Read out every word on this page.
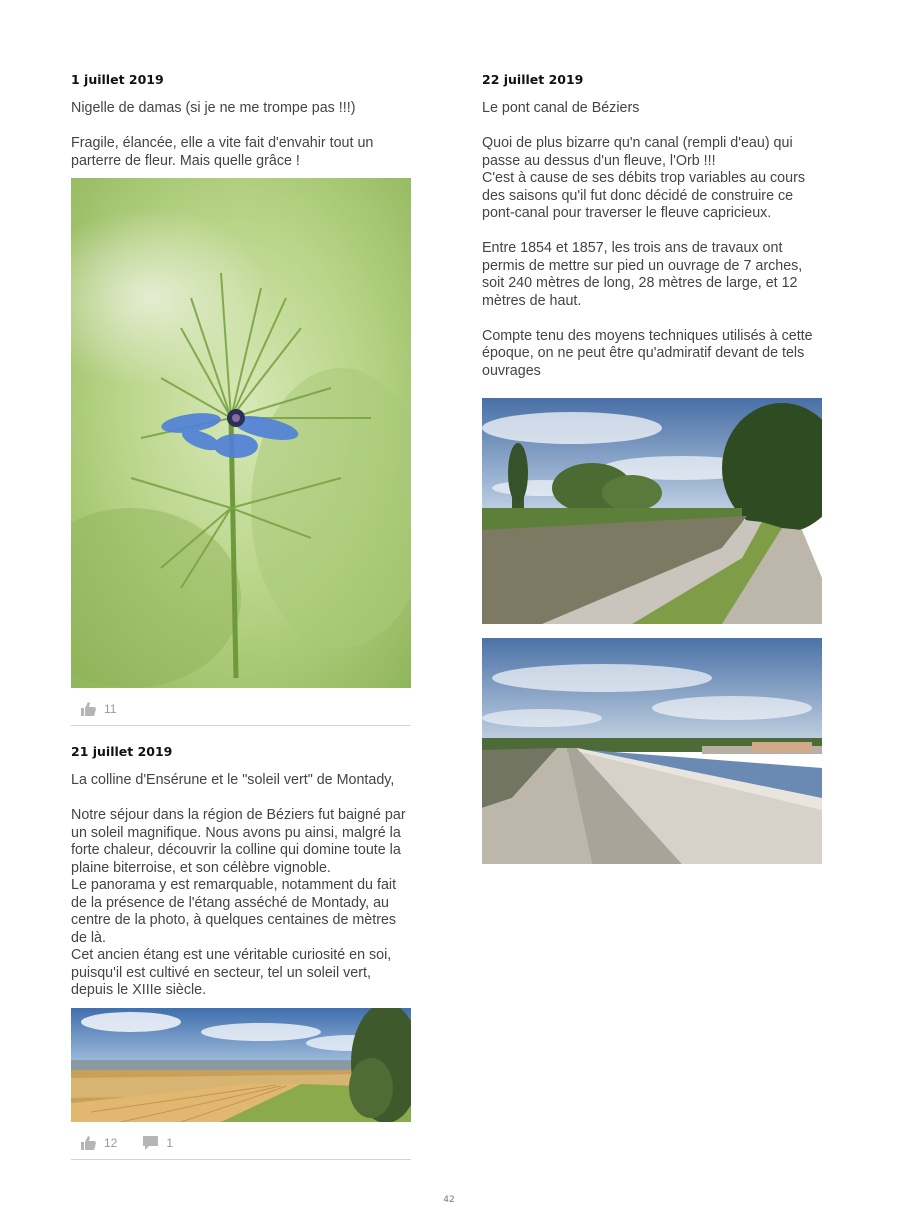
1 juillet 2019
Nigelle de damas (si je ne me trompe pas !!!)

Fragile, élancée, elle a vite fait d'envahir tout un parterre de fleur. Mais quelle grâce !
11
21 juillet 2019
La colline d'Ensérune et le "soleil vert" de Montady,

Notre séjour dans la région de Béziers fut baigné par un soleil magnifique. Nous avons pu ainsi, malgré la forte chaleur, découvrir la colline qui domine toute la plaine biterroise, et son célèbre vignoble.
Le panorama y est remarquable, notamment du fait de la présence de l'étang asséché de Montady, au centre de la photo, à quelques centaines de mètres de là.
Cet ancien étang est une véritable curiosité en soi, puisqu'il est cultivé en secteur, tel un soleil vert, depuis le XIIIe siècle.
12	1
22 juillet 2019
Le pont canal de Béziers

Quoi de plus bizarre qu'n canal (rempli d'eau) qui passe au dessus d'un fleuve, l'Orb !!!
C'est à cause de ses débits trop variables au cours des saisons qu'il fut donc décidé de construire ce pont-canal pour traverser le fleuve capricieux.

Entre 1854 et 1857, les trois ans de travaux ont permis de mettre sur pied un ouvrage de 7 arches, soit 240 mètres de long, 28 mètres de large, et 12 mètres de haut.

Compte tenu des moyens techniques utilisés à cette époque, on ne peut être qu'admiratif devant de tels ouvrages
42
